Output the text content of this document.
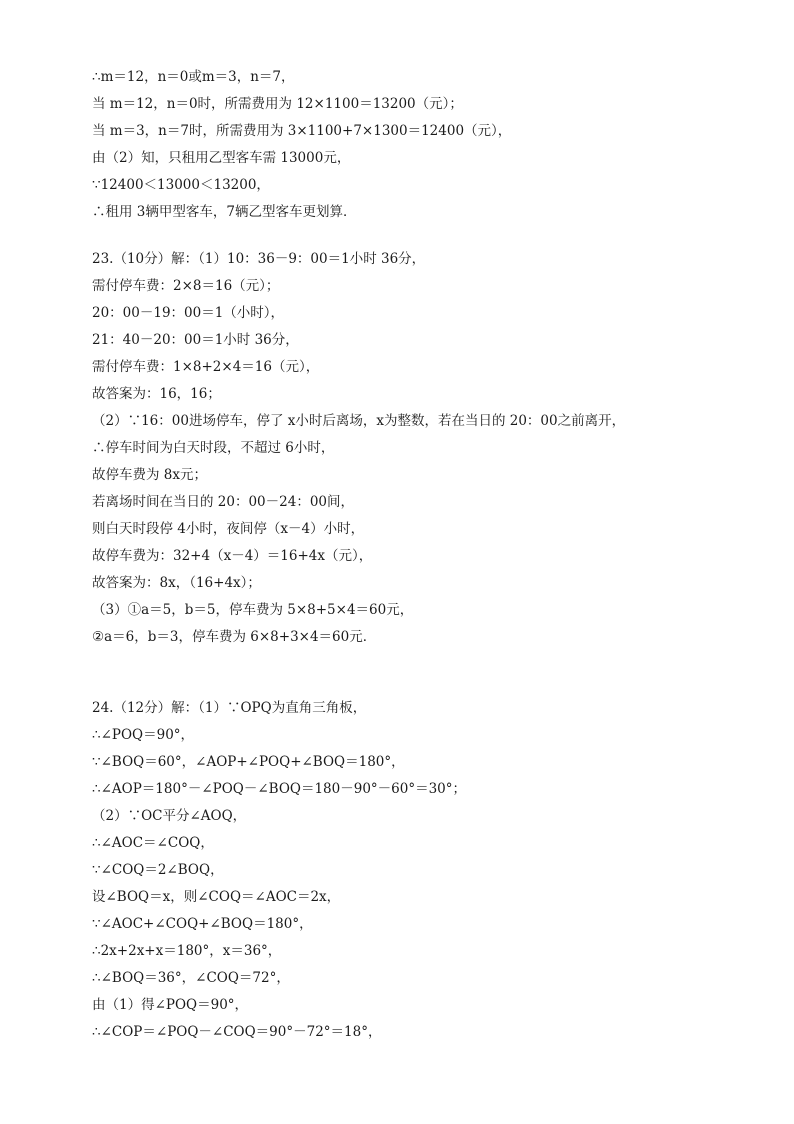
∴m＝12，n＝0或m＝3，n＝7，
当 m＝12，n＝0时，所需费用为 12×1100＝13200（元）；
当 m＝3，n＝7时，所需费用为 3×1100+7×1300＝12400（元），
由（2）知，只租用乙型客车需 13000元，
∵12400＜13000＜13200，
∴租用 3辆甲型客车，7辆乙型客车更划算．
23.（10分）解：（1）10：36－9：00＝1小时 36分，
需付停车费：2×8＝16（元）；
20：00－19：00＝1（小时），
21：40－20：00＝1小时 36分，
需付停车费：1×8+2×4＝16（元），
故答案为：16，16；
（2）∵16：00进场停车，停了 x小时后离场，x为整数，若在当日的 20：00之前离开，
∴停车时间为白天时段，不超过 6小时，
故停车费为 8x元；
若离场时间在当日的 20：00－24：00间，
则白天时段停 4小时，夜间停（x－4）小时，
故停车费为：32+4（x－4）＝16+4x（元），
故答案为：8x，（16+4x）；
（3）①a＝5，b＝5，停车费为 5×8+5×4＝60元，
②a＝6，b＝3，停车费为 6×8+3×4＝60元．
24.（12分）解：（1）∵OPQ为直角三角板，
∴∠POQ＝90°，
∵∠BOQ＝60°，∠AOP+∠POQ+∠BOQ＝180°，
∴∠AOP＝180°－∠POQ－∠BOQ＝180－90°－60°＝30°；
（2）∵OC平分∠AOQ，
∴∠AOC＝∠COQ，
∵∠COQ＝2∠BOQ，
设∠BOQ＝x，则∠COQ＝∠AOC＝2x，
∵∠AOC+∠COQ+∠BOQ＝180°，
∴2x+2x+x＝180°，x＝36°，
∴∠BOQ＝36°，∠COQ＝72°，
由（1）得∠POQ＝90°，
∴∠COP＝∠POQ－∠COQ＝90°－72°＝18°，
